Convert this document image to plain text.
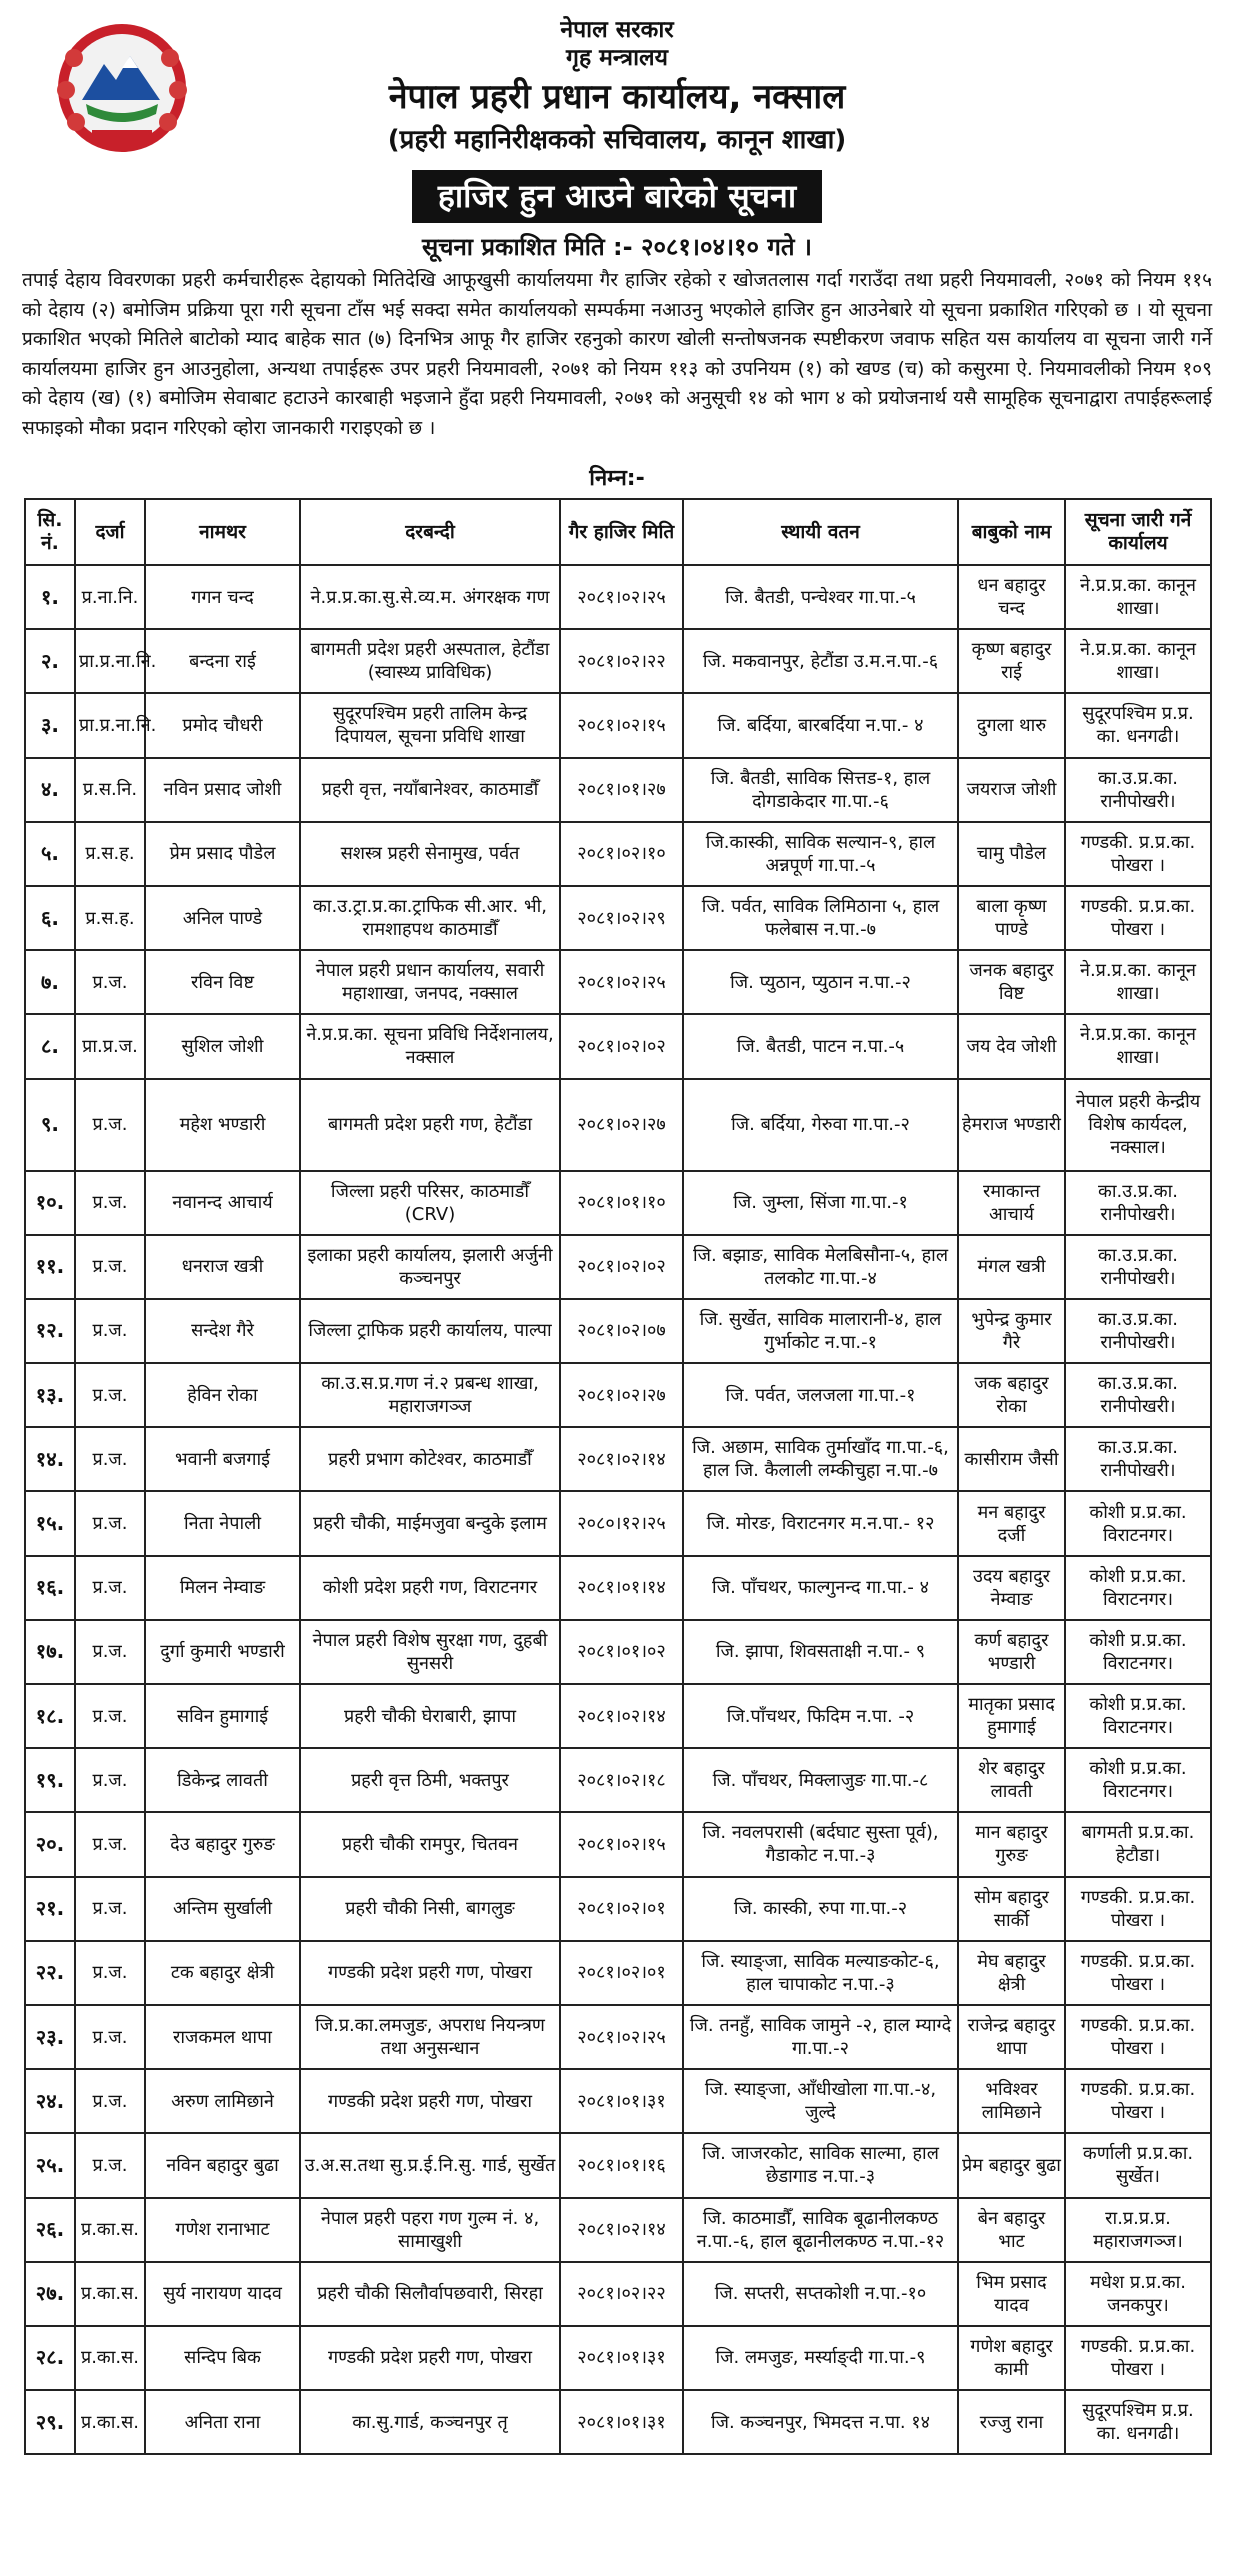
नेपाल सरकार
गृह मन्त्रालय
नेपाल प्रहरी प्रधान कार्यालय, नक्साल
(प्रहरी महानिरीक्षकको सचिवालय, कानून शाखा)
हाजिर हुन आउने बारेको सूचना
सूचना प्रकाशित मिति :- २०८१।०४।१० गते ।
तपाई देहाय विवरणका प्रहरी कर्मचारीहरू देहायको मितिदेखि आफूखुसी कार्यालयमा गैर हाजिर रहेको र खोजतलास गर्दा गराउँदा तथा प्रहरी नियमावली, २०७१ को नियम ११५ को देहाय (२) बमोजिम प्रक्रिया पूरा गरी सूचना टाँस भई सक्दा समेत कार्यालयको सम्पर्कमा नआउनु भएकोले हाजिर हुन आउनेबारे यो सूचना प्रकाशित गरिएको छ । यो सूचना प्रकाशित भएको मितिले बाटोको म्याद बाहेक सात (७) दिनभित्र आफू गैर हाजिर रहनुको कारण खोली सन्तोषजनक स्पष्टीकरण जवाफ सहित यस कार्यालय वा सूचना जारी गर्ने कार्यालयमा हाजिर हुन आउनुहोला, अन्यथा तपाईहरू उपर प्रहरी नियमावली, २०७१ को नियम ११३ को उपनियम (१) को खण्ड (च) को कसुरमा ऐ. नियमावलीको नियम १०९ को देहाय (ख) (१) बमोजिम सेवाबाट हटाउने कारबाही भइजाने हुँदा प्रहरी नियमावली, २०७१ को अनुसूची १४ को भाग ४ को प्रयोजनार्थ यसै सामूहिक सूचनाद्वारा तपाईहरूलाई सफाइको मौका प्रदान गरिएको व्होरा जानकारी गराइएको छ ।
निम्न:-
सि. नं.	दर्जा	नामथर	दरबन्दी	गैर हाजिर मिति	स्थायी वतन	बाबुको नाम	सूचना जारी गर्ने कार्यालय
१.	प्र.ना.नि.	गगन चन्द	ने.प्र.प्र.का.सु.से.व्य.म. अंगरक्षक गण	२०८१।०२।२५	जि. बैतडी, पन्चेश्वर गा.पा.-५	धन बहादुर चन्द	ने.प्र.प्र.का. कानून शाखा।
२.	प्रा.प्र.ना.नि.	बन्दना राई	बागमती प्रदेश प्रहरी अस्पताल, हेटौंडा (स्वास्थ्य प्राविधिक)	२०८१।०२।२२	जि. मकवानपुर, हेटौंडा उ.म.न.पा.-६	कृष्ण बहादुर राई	ने.प्र.प्र.का. कानून शाखा।
३.	प्रा.प्र.ना.नि.	प्रमोद चौधरी	सुदूरपश्चिम प्रहरी तालिम केन्द्र दिपायल, सूचना प्रविधि शाखा	२०८१।०२।१५	जि. बर्दिया, बारबर्दिया न.पा.- ४	दुगला थारु	सुदूरपश्चिम प्र.प्र. का. धनगढी।
४.	प्र.स.नि.	नविन प्रसाद जोशी	प्रहरी वृत्त, नयाँबानेश्वर, काठमाडौँ	२०८१।०१।२७	जि. बैतडी, साविक सित्तड-१, हाल दोगडाकेदार गा.पा.-६	जयराज जोशी	का.उ.प्र.का. रानीपोखरी।
५.	प्र.स.ह.	प्रेम प्रसाद पौडेल	सशस्त्र प्रहरी सेनामुख, पर्वत	२०८१।०२।१०	जि.कास्की, साविक सल्यान-९, हाल अन्नपूर्ण गा.पा.-५	चामु पौडेल	गण्डकी. प्र.प्र.का. पोखरा ।
६.	प्र.स.ह.	अनिल पाण्डे	का.उ.ट्रा.प्र.का.ट्राफिक सी.आर. भी, रामशाहपथ काठमाडौँ	२०८१।०२।२९	जि. पर्वत, साविक लिमिठाना ५, हाल फलेबास न.पा.-७	बाला कृष्ण पाण्डे	गण्डकी. प्र.प्र.का. पोखरा ।
७.	प्र.ज.	रविन विष्ट	नेपाल प्रहरी प्रधान कार्यालय, सवारी महाशाखा, जनपद, नक्साल	२०८१।०२।२५	जि. प्युठान, प्युठान न.पा.-२	जनक बहादुर विष्ट	ने.प्र.प्र.का. कानून शाखा।
८.	प्रा.प्र.ज.	सुशिल जोशी	ने.प्र.प्र.का. सूचना प्रविधि निर्देशनालय, नक्साल	२०८१।०२।०२	जि. बैतडी, पाटन न.पा.-५	जय देव जोशी	ने.प्र.प्र.का. कानून शाखा।
९.	प्र.ज.	महेश भण्डारी	बागमती प्रदेश प्रहरी गण, हेटौंडा	२०८१।०२।२७	जि. बर्दिया, गेरुवा गा.पा.-२	हेमराज भण्डारी	नेपाल प्रहरी केन्द्रीय विशेष कार्यदल, नक्साल।
१०.	प्र.ज.	नवानन्द आचार्य	जिल्ला प्रहरी परिसर, काठमाडौँ (CRV)	२०८१।०१।१०	जि. जुम्ला, सिंजा गा.पा.-१	रमाकान्त आचार्य	का.उ.प्र.का. रानीपोखरी।
११.	प्र.ज.	धनराज खत्री	इलाका प्रहरी कार्यालय, झलारी अर्जुनी कञ्चनपुर	२०८१।०२।०२	जि. बझाङ, साविक मेलबिसौना-५, हाल तलकोट गा.पा.-४	मंगल खत्री	का.उ.प्र.का. रानीपोखरी।
१२.	प्र.ज.	सन्देश गैरे	जिल्ला ट्राफिक प्रहरी कार्यालय, पाल्पा	२०८१।०२।०७	जि. सुर्खेत, साविक मालारानी-४, हाल गुर्भाकोट न.पा.-१	भुपेन्द्र कुमार गैरे	का.उ.प्र.का. रानीपोखरी।
१३.	प्र.ज.	हेविन रोका	का.उ.स.प्र.गण नं.२ प्रबन्ध शाखा, महाराजगञ्ज	२०८१।०२।२७	जि. पर्वत, जलजला गा.पा.-१	जक बहादुर रोका	का.उ.प्र.का. रानीपोखरी।
१४.	प्र.ज.	भवानी बजगाई	प्रहरी प्रभाग कोटेश्वर, काठमाडौँ	२०८१।०२।१४	जि. अछाम, साविक तुर्माखाँद गा.पा.-६, हाल जि. कैलाली लम्कीचुहा न.पा.-७	कासीराम जैसी	का.उ.प्र.का. रानीपोखरी।
१५.	प्र.ज.	निता नेपाली	प्रहरी चौकी, माईमजुवा बन्दुके इलाम	२०८०।१२।२५	जि. मोरङ, विराटनगर म.न.पा.- १२	मन बहादुर दर्जी	कोशी प्र.प्र.का. विराटनगर।
१६.	प्र.ज.	मिलन नेम्वाङ	कोशी प्रदेश प्रहरी गण, विराटनगर	२०८१।०१।१४	जि. पाँचथर, फाल्गुनन्द गा.पा.- ४	उदय बहादुर नेम्वाङ	कोशी प्र.प्र.का. विराटनगर।
१७.	प्र.ज.	दुर्गा कुमारी भण्डारी	नेपाल प्रहरी विशेष सुरक्षा गण, दुहबी सुनसरी	२०८१।०१।०२	जि. झापा, शिवसताक्षी न.पा.- ९	कर्ण बहादुर भण्डारी	कोशी प्र.प्र.का. विराटनगर।
१८.	प्र.ज.	सविन हुमागाई	प्रहरी चौकी घेराबारी, झापा	२०८१।०२।१४	जि.पाँचथर, फिदिम न.पा. -२	मातृका प्रसाद हुमागाई	कोशी प्र.प्र.का. विराटनगर।
१९.	प्र.ज.	डिकेन्द्र लावती	प्रहरी वृत्त ठिमी, भक्तपुर	२०८१।०२।१८	जि. पाँचथर, मिक्लाजुङ गा.पा.-८	शेर बहादुर लावती	कोशी प्र.प्र.का. विराटनगर।
२०.	प्र.ज.	देउ बहादुर गुरुङ	प्रहरी चौकी रामपुर, चितवन	२०८१।०२।१५	जि. नवलपरासी (बर्दघाट सुस्ता पूर्व), गैडाकोट न.पा.-३	मान बहादुर गुरुङ	बागमती प्र.प्र.का. हेटौडा।
२१.	प्र.ज.	अन्तिम सुर्खाली	प्रहरी चौकी निसी, बागलुङ	२०८१।०२।०१	जि. कास्की, रुपा गा.पा.-२	सोम बहादुर सार्की	गण्डकी. प्र.प्र.का. पोखरा ।
२२.	प्र.ज.	टक बहादुर क्षेत्री	गण्डकी प्रदेश प्रहरी गण, पोखरा	२०८१।०२।०१	जि. स्याङ्जा, साविक मल्याङकोट-६, हाल चापाकोट न.पा.-३	मेघ बहादुर क्षेत्री	गण्डकी. प्र.प्र.का. पोखरा ।
२३.	प्र.ज.	राजकमल थापा	जि.प्र.का.लमजुङ, अपराध नियन्त्रण तथा अनुसन्धान	२०८१।०२।२५	जि. तनहुँ, साविक जामुने -२, हाल म्याग्दे गा.पा.-२	राजेन्द्र बहादुर थापा	गण्डकी. प्र.प्र.का. पोखरा ।
२४.	प्र.ज.	अरुण लामिछाने	गण्डकी प्रदेश प्रहरी गण, पोखरा	२०८१।०१।३१	जि. स्याङ्जा, आँधीखोला गा.पा.-४, जुल्दे	भविश्वर लामिछाने	गण्डकी. प्र.प्र.का. पोखरा ।
२५.	प्र.ज.	नविन बहादुर बुढा	उ.अ.स.तथा सु.प्र.ई.नि.सु. गार्ड, सुर्खेत	२०८१।०१।१६	जि. जाजरकोट, साविक साल्मा, हाल छेडागाड न.पा.-३	प्रेम बहादुर बुढा	कर्णाली प्र.प्र.का. सुर्खेत।
२६.	प्र.का.स.	गणेश रानाभाट	नेपाल प्रहरी पहरा गण गुल्म नं. ४, सामाखुशी	२०८१।०२।१४	जि. काठमाडौँ, साविक बूढानीलकण्ठ न.पा.-६, हाल बूढानीलकण्ठ न.पा.-१२	बेन बहादुर भाट	रा.प्र.प्र.प्र. महाराजगञ्ज।
२७.	प्र.का.स.	सुर्य नारायण यादव	प्रहरी चौकी सिलौर्वापछवारी, सिरहा	२०८१।०२।२२	जि. सप्तरी, सप्तकोशी न.पा.-१०	भिम प्रसाद यादव	मधेश प्र.प्र.का. जनकपुर।
२८.	प्र.का.स.	सन्दिप बिक	गण्डकी प्रदेश प्रहरी गण, पोखरा	२०८१।०१।३१	जि. लमजुङ, मर्स्याङ्दी गा.पा.-९	गणेश बहादुर कामी	गण्डकी. प्र.प्र.का. पोखरा ।
२९.	प्र.का.स.	अनिता राना	का.सु.गार्ड, कञ्चनपुर तृ	२०८१।०१।३१	जि. कञ्चनपुर, भिमदत्त न.पा. १४	रज्जु राना	सुदूरपश्चिम प्र.प्र. का. धनगढी।
